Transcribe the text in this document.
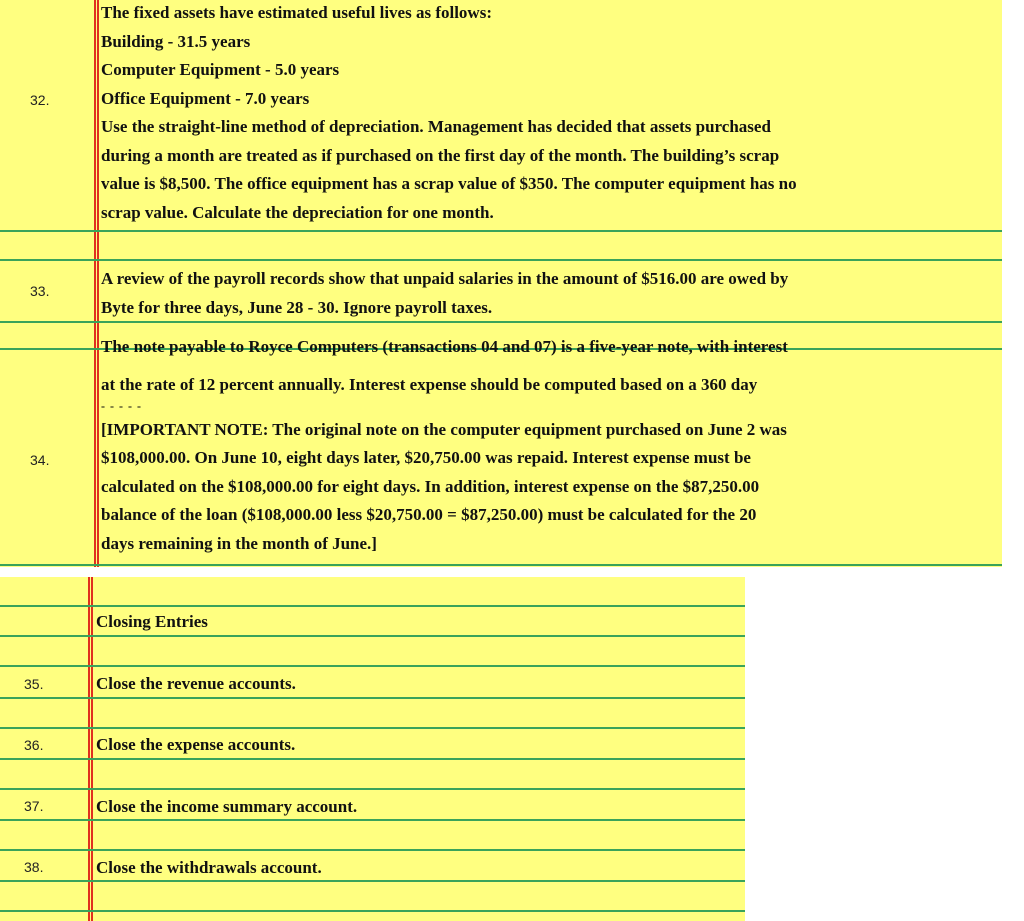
32.
The fixed assets have estimated useful lives as follows:
Building - 31.5 years
Computer Equipment - 5.0 years
Office Equipment - 7.0 years
Use the straight-line method of depreciation. Management has decided that assets purchased
during a month are treated as if purchased on the first day of the month. The building’s scrap
value is $8,500. The office equipment has a scrap value of $350. The computer equipment has no
scrap value. Calculate the depreciation for one month.
33.
A review of the payroll records show that unpaid salaries in the amount of $516.00 are owed by
Byte for three days, June 28 - 30. Ignore payroll taxes.
34.
The note payable to Royce Computers (transactions 04 and 07) is a five-year note, with interest
at the rate of 12 percent annually. Interest expense should be computed based on a 360 day
- - - - -
[IMPORTANT NOTE: The original note on the computer equipment purchased on June 2 was
$108,000.00. On June 10, eight days later, $20,750.00 was repaid. Interest expense must be
calculated on the $108,000.00 for eight days. In addition, interest expense on the $87,250.00
balance of the loan ($108,000.00 less $20,750.00 = $87,250.00) must be calculated for the 20
days remaining in the month of June.]
Closing Entries
35.	Close the revenue accounts.
36.	Close the expense accounts.
37.	Close the income summary account.
38.	Close the withdrawals account.
